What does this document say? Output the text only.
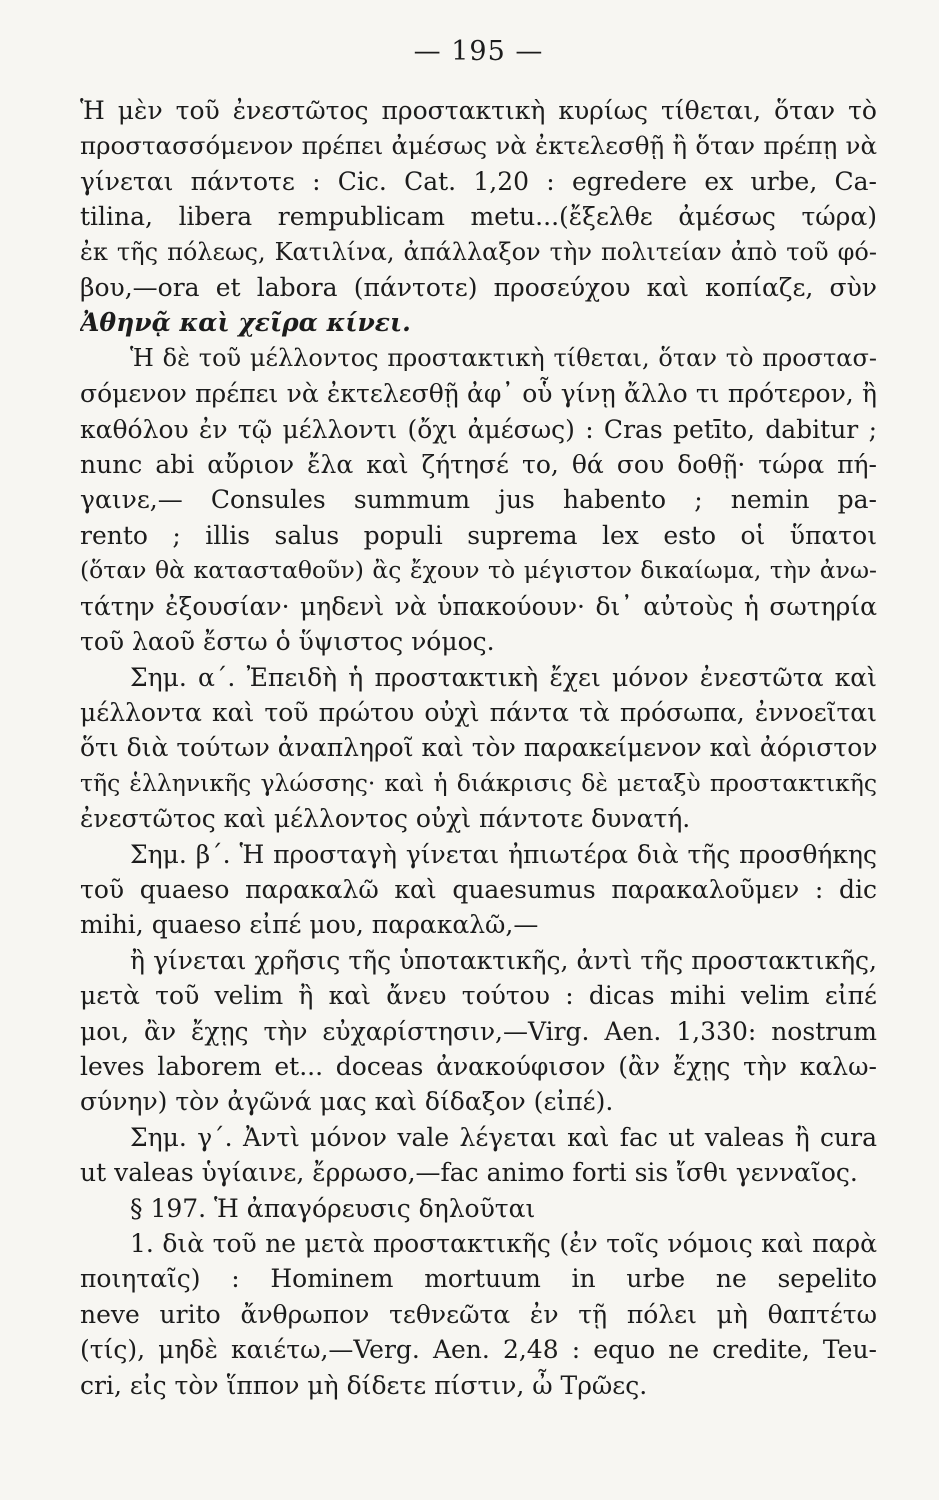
— 195 —
Ἡ μὲν τοῦ ἐνεστῶτος προστακτικὴ κυρίως τίθεται, ὅταν τὸ
προστασσόμενον πρέπει ἀμέσως νὰ ἐκτελεσθῇ ἢ ὅταν πρέπῃ νὰ
γίνεται πάντοτε : Cic. Cat. 1,20 : egredere ex urbe, Ca-
tilina, libera rempublicam metu...(ἔξελθε ἀμέσως τώρα)
ἐκ τῆς πόλεως, Κατιλίνα, ἀπάλλαξον τὴν πολιτείαν ἀπὸ τοῦ φό-
βου,—ora et labora (πάντοτε) προσεύχου καὶ κοπίαζε, σὺν
Ἀθηνᾷ καὶ χεῖρα κίνει.
Ἡ δὲ τοῦ μέλλοντος προστακτικὴ τίθεται, ὅταν τὸ προστασ-
σόμενον πρέπει νὰ ἐκτελεσθῇ ἀφ᾽ οὗ γίνῃ ἄλλο τι πρότερον, ἢ
καθόλου ἐν τῷ μέλλοντι (ὄχι ἀμέσως) : Cras petīto, dabitur ;
nunc abi αὔριον ἔλα καὶ ζήτησέ το, θά σου δοθῇ· τώρα πή-
γαινε,— Consules summum jus habento ; nemin pa-
rento ; illis salus populi suprema lex esto οἱ ὕπατοι
(ὅταν θὰ κατασταθοῦν) ἂς ἔχουν τὸ μέγιστον δικαίωμα, τὴν ἀνω-
τάτην ἐξουσίαν· μηδενὶ νὰ ὑπακούουν· δι᾽ αὐτοὺς ἡ σωτηρία
τοῦ λαοῦ ἔστω ὁ ὕψιστος νόμος.
Σημ. α΄. Ἐπειδὴ ἡ προστακτικὴ ἔχει μόνον ἐνεστῶτα καὶ
μέλλοντα καὶ τοῦ πρώτου οὐχὶ πάντα τὰ πρόσωπα, ἐννοεῖται
ὅτι διὰ τούτων ἀναπληροῖ καὶ τὸν παρακείμενον καὶ ἀόριστον
τῆς ἑλληνικῆς γλώσσης· καὶ ἡ διάκρισις δὲ μεταξὺ προστακτικῆς
ἐνεστῶτος καὶ μέλλοντος οὐχὶ πάντοτε δυνατή.
Σημ. β΄. Ἡ προσταγὴ γίνεται ἠπιωτέρα διὰ τῆς προσθήκης
τοῦ quaeso παρακαλῶ καὶ quaesumus παρακαλοῦμεν : dic
mihi, quaeso εἰπέ μου, παρακαλῶ,—
ἢ γίνεται χρῆσις τῆς ὑποτακτικῆς, ἀντὶ τῆς προστακτικῆς,
μετὰ τοῦ velim ἢ καὶ ἄνευ τούτου : dicas mihi velim εἰπέ
μοι, ἂν ἔχῃς τὴν εὐχαρίστησιν,—Virg. Aen. 1,330: nostrum
leves laborem et... doceas ἀνακούφισον (ἂν ἔχῃς τὴν καλω-
σύνην) τὸν ἀγῶνά μας καὶ δίδαξον (εἰπέ).
Σημ. γ΄. Ἀντὶ μόνον vale λέγεται καὶ fac ut valeas ἢ cura
ut valeas ὑγίαινε, ἔρρωσο,—fac animo forti sis ἴσθι γενναῖος.
§ 197. Ἡ ἀπαγόρευσις δηλοῦται
1. διὰ τοῦ ne μετὰ προστακτικῆς (ἐν τοῖς νόμοις καὶ παρὰ
ποιηταῖς) : Hominem mortuum in urbe ne sepelito
neve urito ἄνθρωπον τεθνεῶτα ἐν τῇ πόλει μὴ θαπτέτω
(τίς), μηδὲ καιέτω,—Verg. Aen. 2,48 : equo ne credite, Teu-
cri, εἰς τὸν ἵππον μὴ δίδετε πίστιν, ὦ Τρῶες.
